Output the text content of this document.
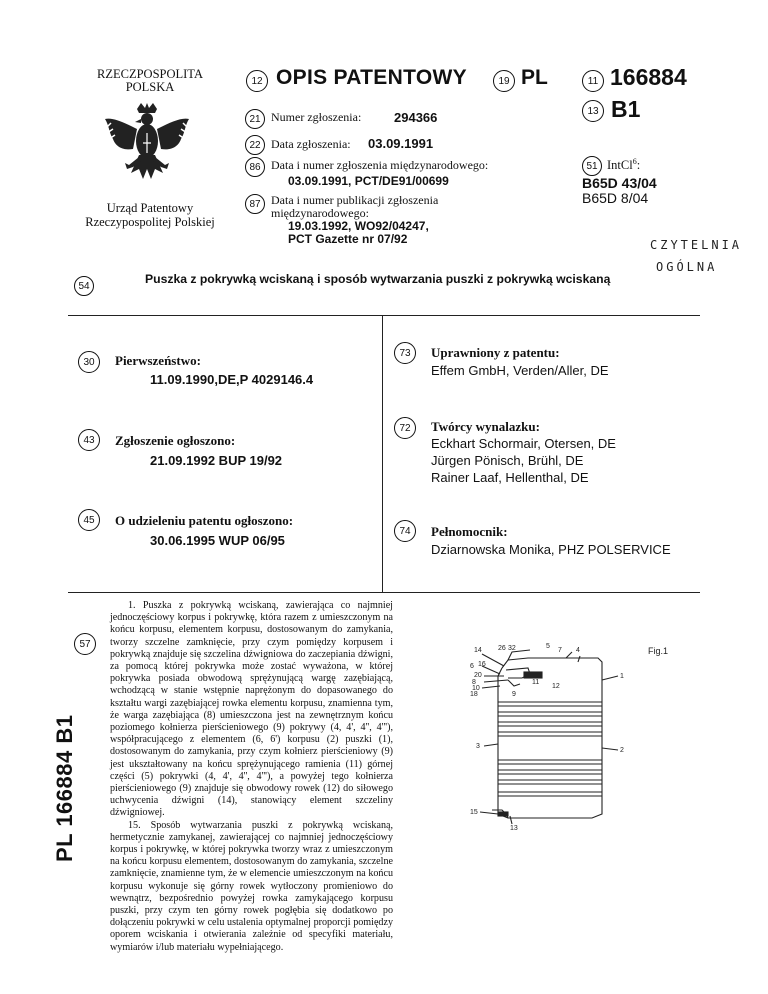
RZECZPOSPOLITA
POLSKA
Urząd Patentowy
Rzeczypospolitej Polskiej
12 OPIS PATENTOWY	19 PL	11 166884
13 B1
21 Numer zgłoszenia:	294366
22 Data zgłoszenia: 03.09.1991
86 Data i numer zgłoszenia międzynarodowego:
03.09.1991, PCT/DE91/00699
87 Data i numer publikacji zgłoszenia
międzynarodowego:
19.03.1992, WO92/04247,
PCT Gazette nr 07/92
51 IntCl$^6$:
B65D 43/04
B65D 8/04
CZYTELNIA
OGÓLNA
54
Puszka z pokrywką wciskaną i sposób wytwarzania puszki z pokrywką wciskaną
30	Pierwszeństwo:
11.09.1990,DE,P 4029146.4
43	Zgłoszenie ogłoszono:
21.09.1992 BUP 19/92
45	O udzieleniu patentu ogłoszono:
30.06.1995 WUP 06/95
73	Uprawniony z patentu:
Effem GmbH, Verden/Aller, DE
72	Twórcy wynalazku:
Eckhart Schormair, Otersen, DE
Jürgen Pönisch, Brühl, DE
Rainer Laaf, Hellenthal, DE
74	Pełnomocnik:
Dziarnowska Monika, PHZ POLSERVICE
57

1. Puszka z pokrywką wciskaną, zawierająca co najmniej jednoczęściowy korpus i pokrywkę, która razem z umieszczonym na końcu korpusu, elementem korpusu, dostosowanym do zamykania, tworzy szczelne zamknięcie, przy czym pomiędzy korpusem i pokrywką znajduje się szczelina dźwigniowa do zaczepiania dźwigni, za pomocą której pokrywka może zostać wyważona, w której pokrywka posiada obwodową sprężynującą wargę zazębiającą, wchodzącą w stanie wstępnie naprężonym do dopasowanego do kształtu wargi zazębiającej rowka elementu korpusu, znamienna tym, że warga zazębiająca (8) umieszczona jest na zewnętrznym końcu poziomego kołnierza pierścieniowego (9) pokrywy (4, 4', 4'', 4'''), współpracującego z elementem (6, 6') korpusu (2) puszki (1), dostosowanym do zamykania, przy czym kołnierz pierścieniowy (9) jest ukształtowany na końcu sprężynującego ramienia (11) górnej części (5) pokrywki (4, 4', 4'', 4'''), a powyżej tego kołnierza pierścieniowego (9) znajduje się obwodowy rowek (12) do siłowego uchwycenia dźwigni (14), stanowiący element szczeliny dźwigniowej.

15. Sposób wytwarzania puszki z pokrywką wciskaną, hermetycznie zamykanej, zawierającej co najmniej jednoczęściowy korpus i pokrywkę, w której pokrywka tworzy wraz z umieszczonym na końcu korpusu elementem, dostosowanym do zamykania, szczelne zamknięcie, znamienne tym, że w elemencie umieszczonym na końcu korpusu wykonuje się górny rowek wytłoczony promieniowo do wewnątrz, bezpośrednio powyżej rowka zamykającego korpusu puszki, przy czym ten górny rowek pogłębia się dodatkowo po dołączeniu pokrywki w celu ustalenia optymalnej proporcji pomiędzy oporem wciskania i otwierania zależnie od specyfiki materiału, wymiarów i/lub materiału wypełniającego.

PL 166884 B1
Fig.1
14 26 32	5
7 4
6 16
20
8
10
18	9
11
12
1
3
2
15
13
